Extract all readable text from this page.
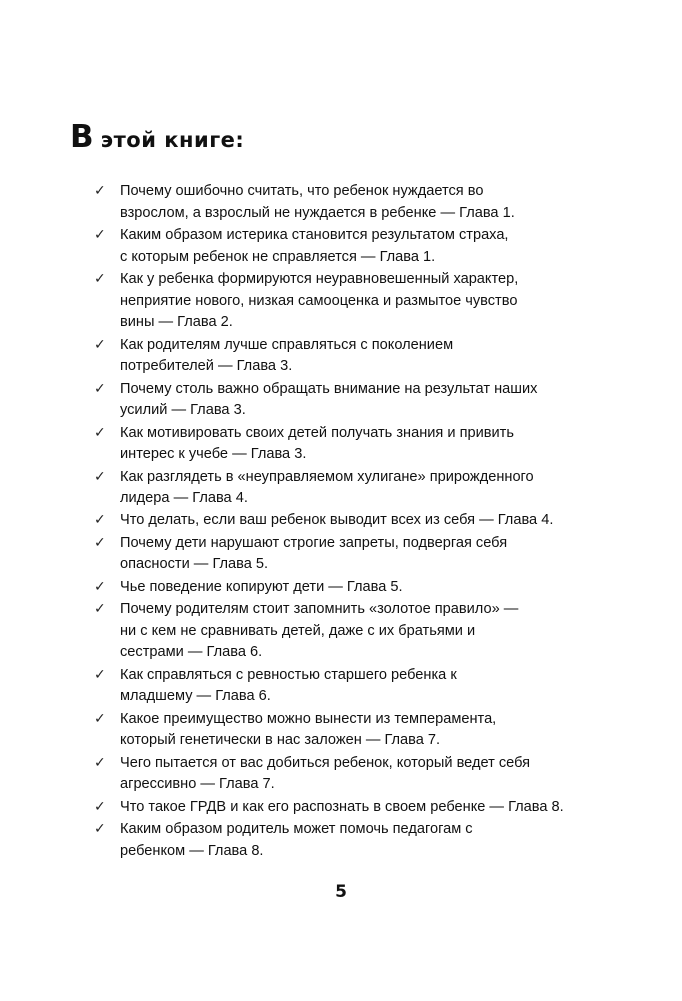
В этой книге:
✓ Почему ошибочно считать, что ребенок нуждается во
взрослом, а взрослый не нуждается в ребенке — Глава 1.
✓ Каким образом истерика становится результатом страха,
с которым ребенок не справляется — Глава 1.
✓ Как у ребенка формируются неуравновешенный характер,
неприятие нового, низкая самооценка и размытое чувство
вины — Глава 2.
✓ Как родителям лучше справляться с поколением
потребителей — Глава 3.
✓ Почему столь важно обращать внимание на результат наших
усилий — Глава 3.
✓ Как мотивировать своих детей получать знания и привить
интерес к учебе — Глава 3.
✓ Как разглядеть в «неуправляемом хулигане» прирожденного
лидера — Глава 4.
✓ Что делать, если ваш ребенок выводит всех из себя — Глава 4.
✓ Почему дети нарушают строгие запреты, подвергая себя
опасности — Глава 5.
✓ Чье поведение копируют дети — Глава 5.
✓ Почему родителям стоит запомнить «золотое правило» —
ни с кем не сравнивать детей, даже с их братьями и
сестрами — Глава 6.
✓ Как справляться с ревностью старшего ребенка к
младшему — Глава 6.
✓ Какое преимущество можно вынести из темперамента,
который генетически в нас заложен — Глава 7.
✓ Чего пытается от вас добиться ребенок, который ведет себя
агрессивно — Глава 7.
✓ Что такое ГРДВ и как его распознать в своем ребенке — Глава 8.
✓ Каким образом родитель может помочь педагогам с
ребенком — Глава 8.
5
